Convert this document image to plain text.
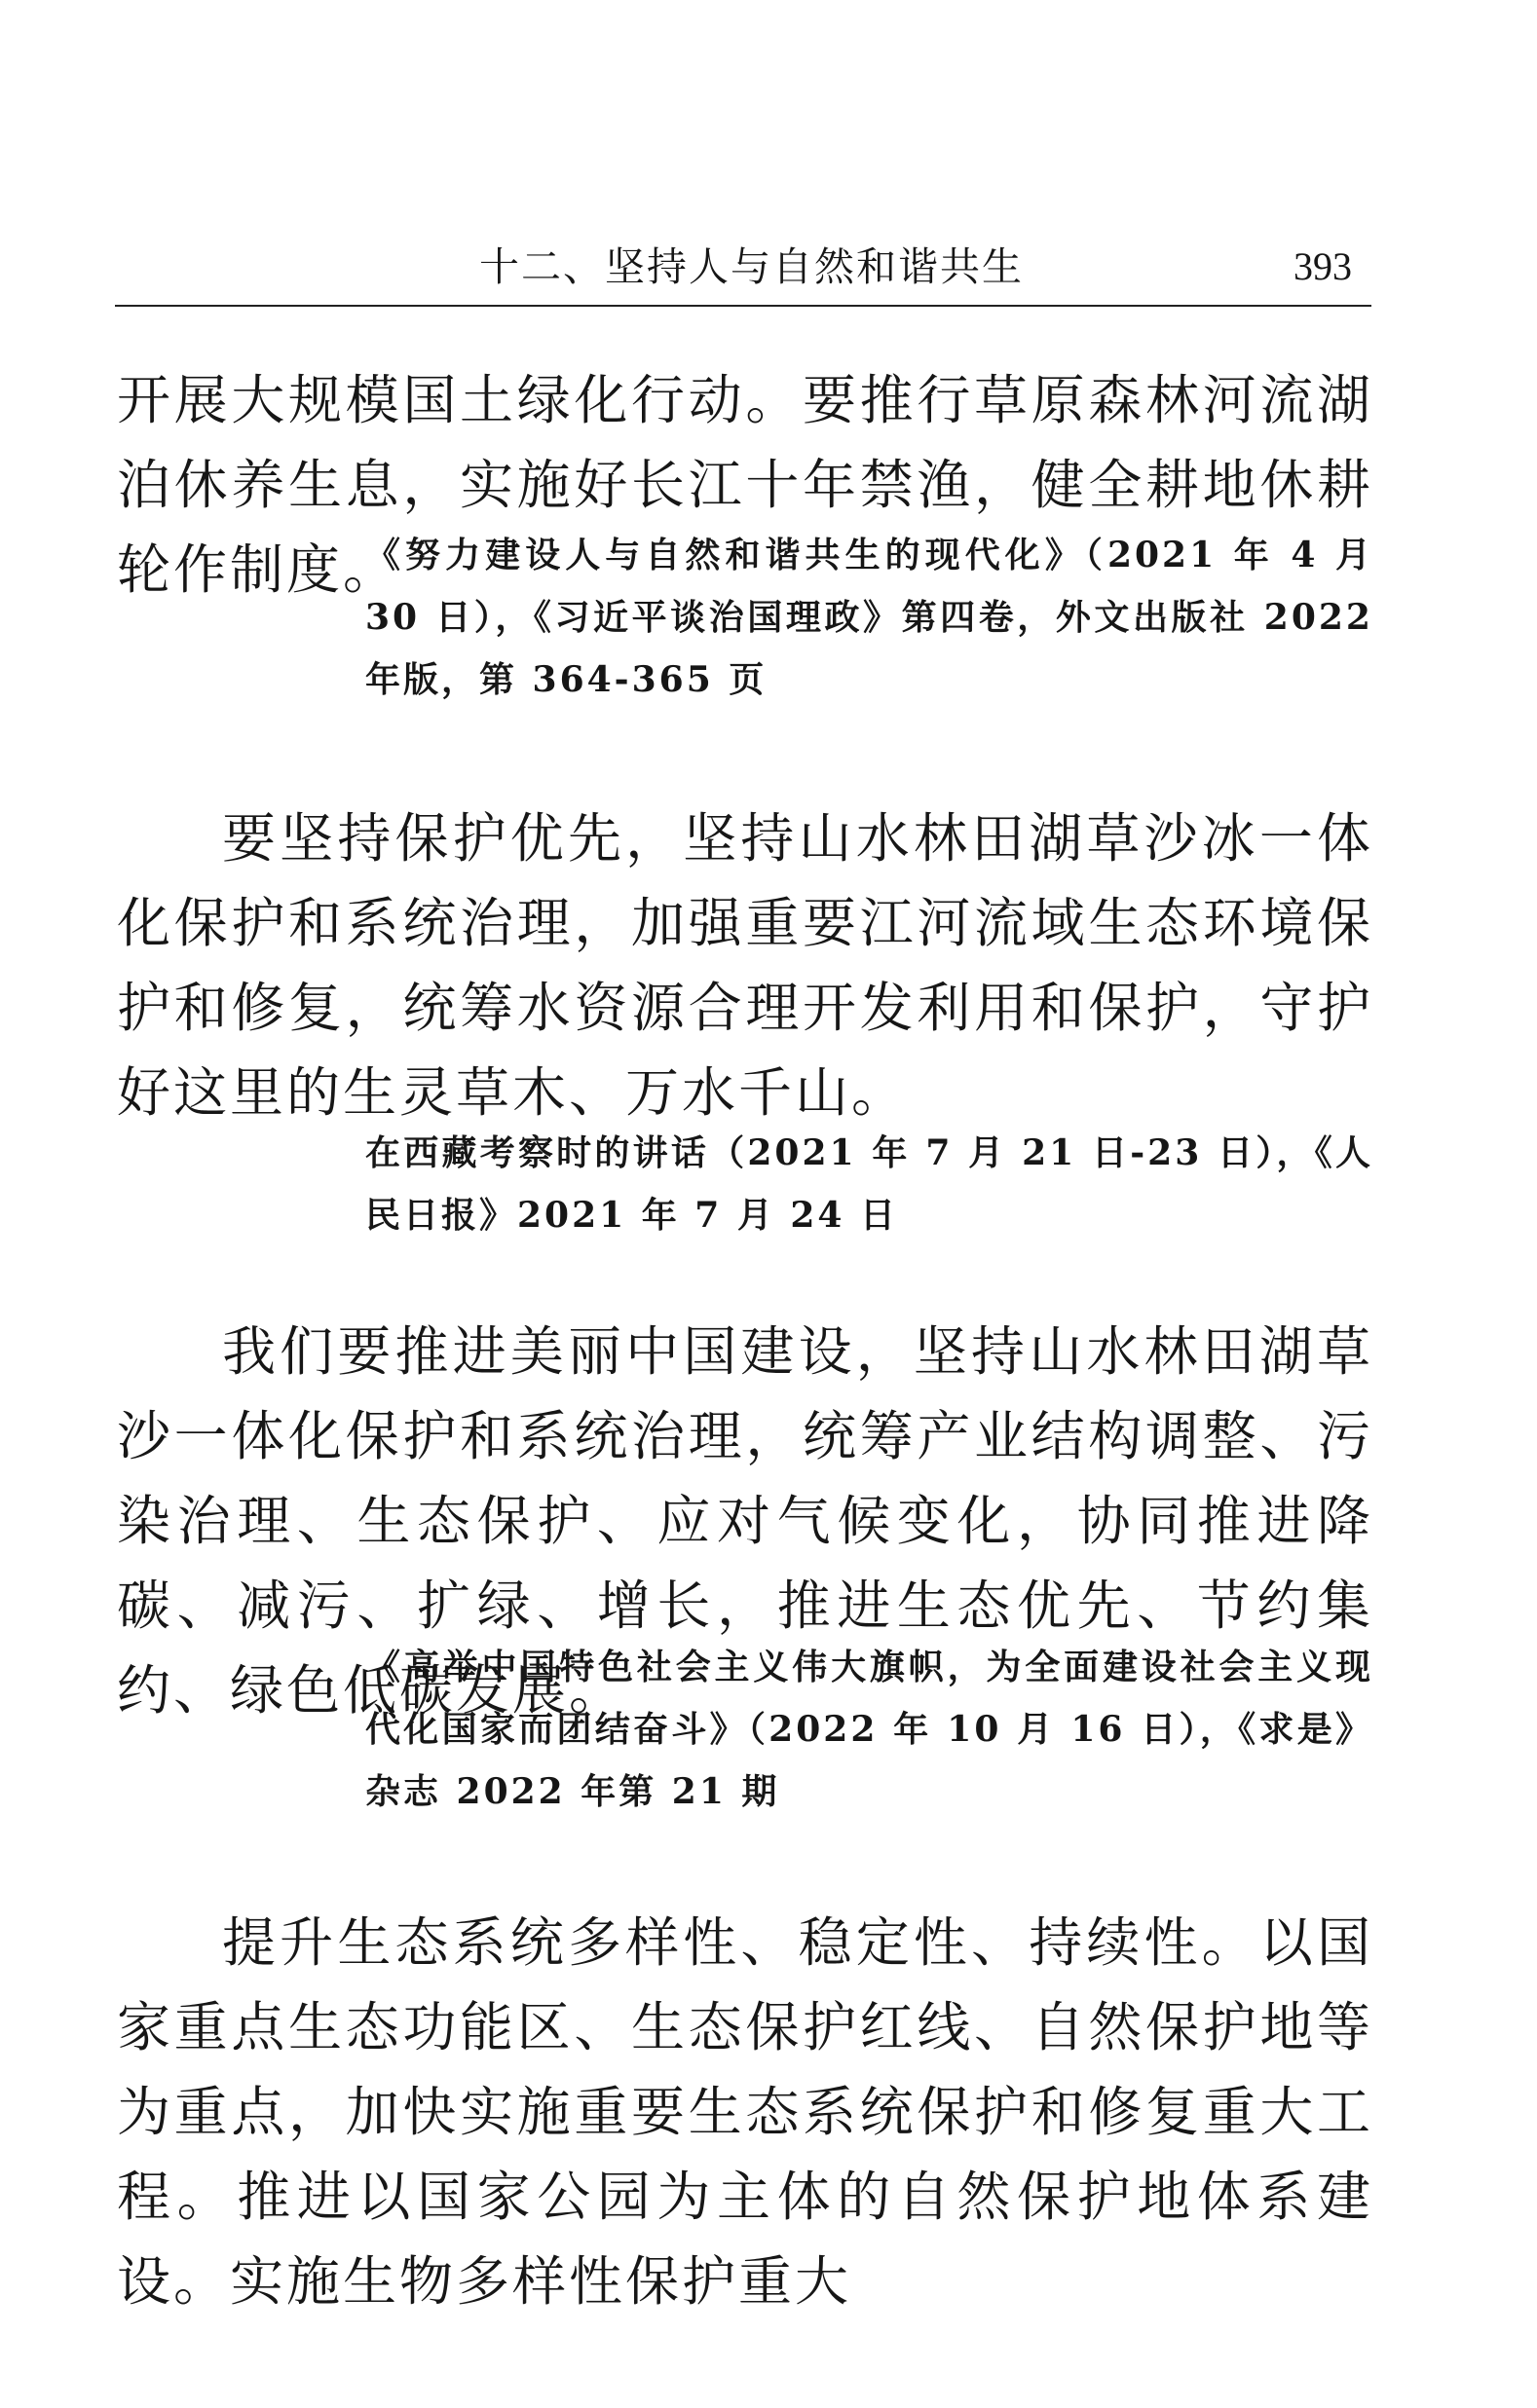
十二、坚持人与自然和谐共生	393

开展大规模国土绿化行动。要推行草原森林河流湖泊休养生息，实施好长江十年禁渔，健全耕地休耕轮作制度。

《努力建设人与自然和谐共生的现代化》（2021 年 4 月 30 日），《习近平谈治国理政》第四卷，外文出版社 2022 年版，第 364-365 页

要坚持保护优先，坚持山水林田湖草沙冰一体化保护和系统治理，加强重要江河流域生态环境保护和修复，统筹水资源合理开发利用和保护，守护好这里的生灵草木、万水千山。

在西藏考察时的讲话（2021 年 7 月 21 日-23 日），《人民日报》2021 年 7 月 24 日

我们要推进美丽中国建设，坚持山水林田湖草沙一体化保护和系统治理，统筹产业结构调整、污染治理、生态保护、应对气候变化，协同推进降碳、减污、扩绿、增长，推进生态优先、节约集约、绿色低碳发展。

《高举中国特色社会主义伟大旗帜，为全面建设社会主义现代化国家而团结奋斗》（2022 年 10 月 16 日），《求是》杂志 2022 年第 21 期

提升生态系统多样性、稳定性、持续性。以国家重点生态功能区、生态保护红线、自然保护地等为重点，加快实施重要生态系统保护和修复重大工程。推进以国家公园为主体的自然保护地体系建设。实施生物多样性保护重大
